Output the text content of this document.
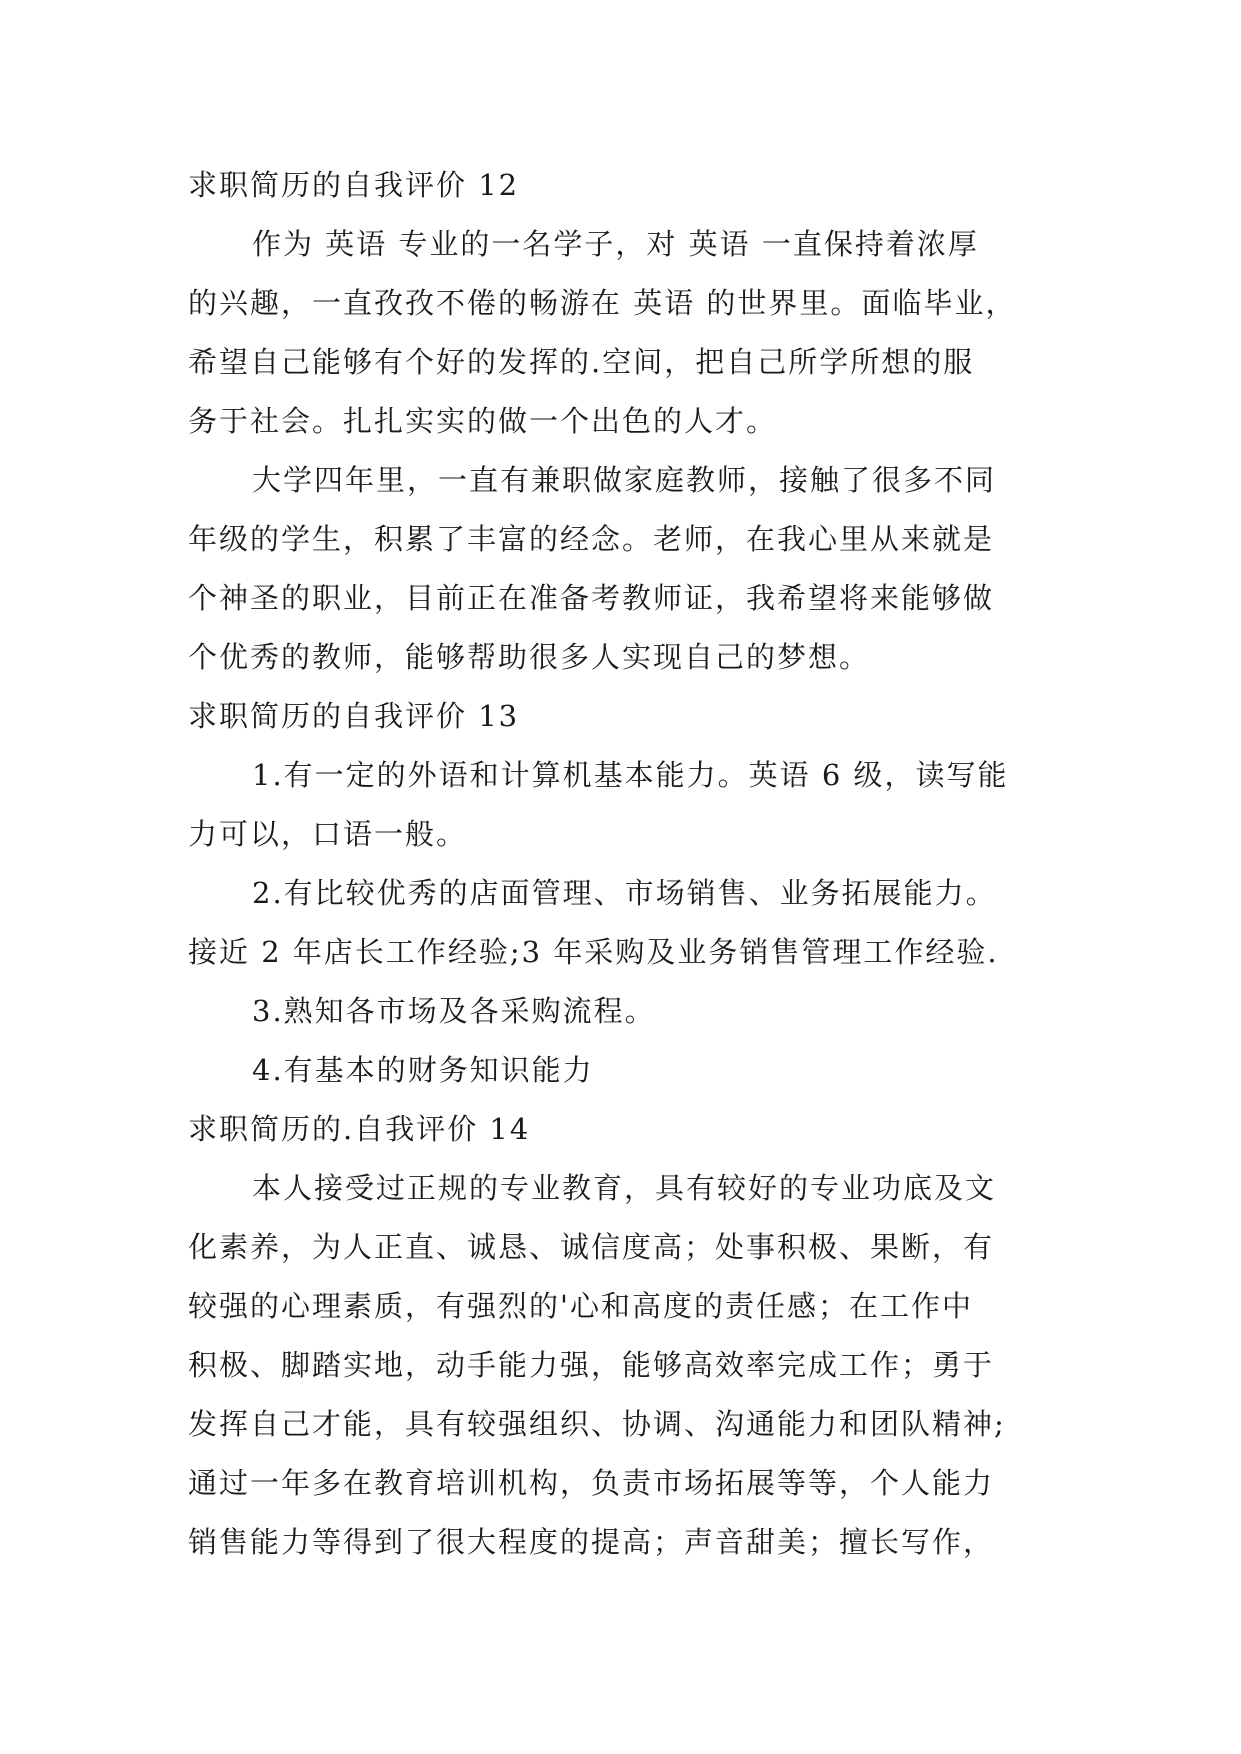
求职简历的自我评价 12
作为 英语 专业的一名学子，对 英语 一直保持着浓厚
的兴趣，一直孜孜不倦的畅游在 英语 的世界里。面临毕业，
希望自己能够有个好的发挥的.空间，把自己所学所想的服
务于社会。扎扎实实的做一个出色的人才。
大学四年里，一直有兼职做家庭教师，接触了很多不同
年级的学生，积累了丰富的经念。老师，在我心里从来就是
个神圣的职业，目前正在准备考教师证，我希望将来能够做
个优秀的教师，能够帮助很多人实现自己的梦想。
求职简历的自我评价 13
1.有一定的外语和计算机基本能力。英语 6 级，读写能
力可以，口语一般。
2.有比较优秀的店面管理、市场销售、业务拓展能力。
接近 2 年店长工作经验;3 年采购及业务销售管理工作经验.
3.熟知各市场及各采购流程。
4.有基本的财务知识能力
求职简历的.自我评价 14
本人接受过正规的专业教育，具有较好的专业功底及文
化素养，为人正直、诚恳、诚信度高；处事积极、果断，有
较强的心理素质，有强烈的'心和高度的责任感；在工作中
积极、脚踏实地，动手能力强，能够高效率完成工作；勇于
发挥自己才能，具有较强组织、协调、沟通能力和团队精神;
通过一年多在教育培训机构，负责市场拓展等等，个人能力
销售能力等得到了很大程度的提高；声音甜美；擅长写作，
